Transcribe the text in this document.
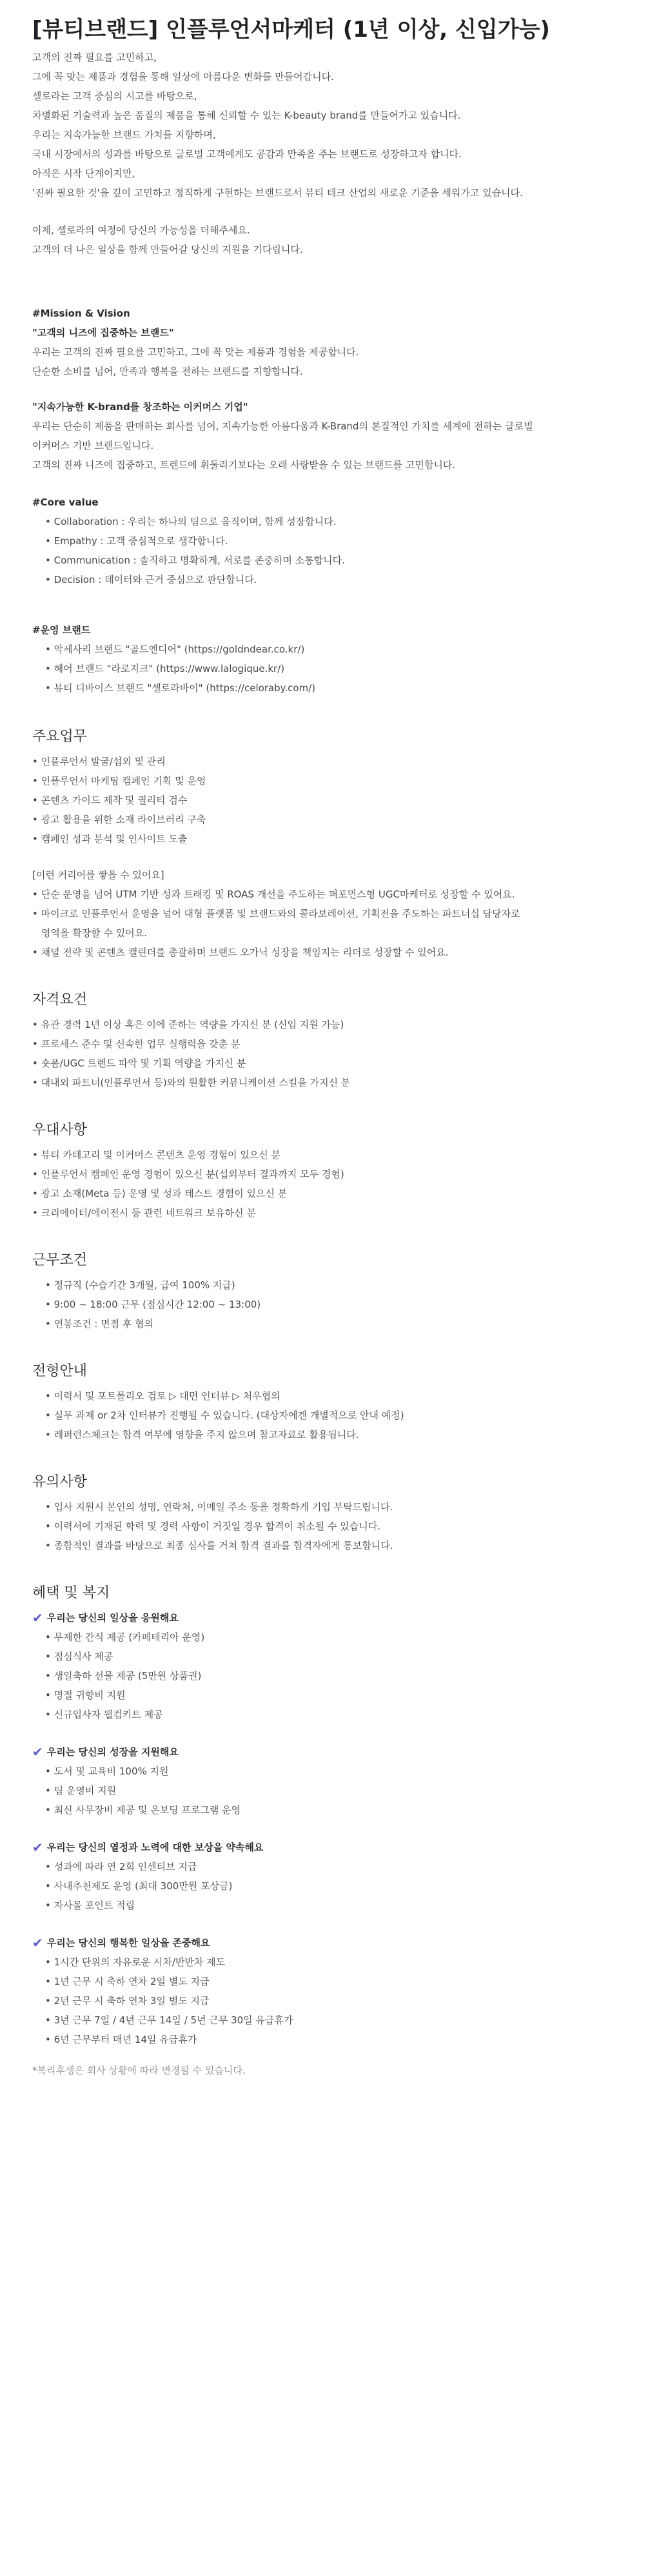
[뷰티브랜드] 인플루언서마케터 (1년 이상, 신입가능)
고객의 진짜 필요를 고민하고,
그에 꼭 맞는 제품과 경험을 통해 일상에 아름다운 변화를 만들어갑니다.
셀로라는 고객 중심의 시고를 바탕으로,
차별화된 기술력과 높은 품질의 제품을 통해 신뢰할 수 있는 K-beauty brand를 만들어가고 있습니다.
우리는 지속가능한 브랜드 가치를 지향하며,
국내 시장에서의 성과를 바탕으로 글로벌 고객에게도 공감과 만족을 주는 브랜드로 성장하고자 합니다.
아직은 시작 단계이지만,
'진짜 필요한 것'을 깊이 고민하고 정직하게 구현하는 브랜드로서 뷰티 테크 산업의 새로운 기준을 세워가고 있습니다.
이제, 셀로라의 여정에 당신의 가능성을 더해주세요.
고객의 더 나은 일상을 함께 만들어갈 당신의 지원을 기다립니다.
#Mission & Vision
"고객의 니즈에 집중하는 브랜드"
우리는 고객의 진짜 필요를 고민하고, 그에 꼭 맞는 제품과 경험을 제공합니다.
단순한 소비를 넘어, 만족과 행복을 전하는 브랜드를 지향합니다.
"지속가능한 K-brand를 창조하는 이커머스 기업"
우리는 단순히 제품을 판매하는 회사를 넘어, 지속가능한 아름다움과 K-Brand의 본질적인 가치를 세계에 전하는 글로벌
이커머스 기반 브랜드입니다.
고객의 진짜 니즈에 집중하고, 트렌드에 휘둘리기보다는 오래 사랑받을 수 있는 브랜드를 고민합니다.
#Core value
• Collaboration : 우리는 하나의 팀으로 움직이며, 함께 성장합니다.
• Empathy : 고객 중심적으로 생각합니다.
• Communication : 솔직하고 명확하게, 서로를 존중하며 소통합니다.
• Decision : 데이터와 근거 중심으로 판단합니다.
#운영 브랜드
• 악세사리 브랜드 "골드엔디어" (https://goldndear.co.kr/)
• 헤어 브랜드 "라로지크" (https://www.lalogique.kr/)
• 뷰티 디바이스 브랜드 "셀로라바이" (https://celoraby.com/)
주요업무
• 인플루언서 발굴/섭외 및 관리
• 인플루언서 마케팅 캠페인 기획 및 운영
• 콘텐츠 가이드 제작 및 퀄리티 검수
• 광고 활용을 위한 소재 라이브러리 구축
• 캠페인 성과 분석 및 인사이트 도출
[이런 커리어를 쌓을 수 있어요]
• 단순 운영을 넘어 UTM 기반 성과 트래킹 및 ROAS 개선을 주도하는 퍼포먼스형 UGC마케터로 성장할 수 있어요.
• 마이크로 인플루언서 운영을 넘어 대형 플랫폼 및 브랜드와의 콜라보레이션, 기획전을 주도하는 파트너십 담당자로
영역을 확장할 수 있어요.
• 채널 전략 및 콘텐츠 캘린더를 총괄하며 브랜드 오가닉 성장을 책임지는 리더로 성장할 수 있어요.
자격요건
• 유관 경력 1년 이상 혹은 이에 준하는 역량을 가지신 분 (신입 지원 가능)
• 프로세스 준수 및 신속한 업무 실행력을 갖춘 분
• 숏폼/UGC 트렌드 파악 및 기획 역량을 가지신 분
• 대내외 파트너(인플루언서 등)와의 원활한 커뮤니케이션 스킬을 가지신 분
우대사항
• 뷰티 카테고리 및 이커머스 콘텐츠 운영 경험이 있으신 분
• 인플루언서 캠페인 운영 경험이 있으신 분(섭외부터 결과까지 모두 경험)
• 광고 소재(Meta 등) 운영 및 성과 테스트 경험이 있으신 분
• 크리에이터/에이전시 등 관련 네트워크 보유하신 분
근무조건
• 정규직 (수습기간 3개월, 급여 100% 지급)
• 9:00 ~ 18:00 근무 (점심시간 12:00 ~ 13:00)
• 연봉조건 : 면접 후 협의
전형안내
• 이력서 및 포트폴리오 검토 ▷ 대면 인터뷰 ▷ 처우협의
• 실무 과제 or 2차 인터뷰가 진행될 수 있습니다. (대상자에겐 개별적으로 안내 예정)
• 레퍼런스체크는 합격 여부에 영향을 주지 않으며 참고자료로 활용됩니다.
유의사항
• 입사 지원시 본인의 성명, 연락처, 이메일 주소 등을 정확하게 기입 부탁드립니다.
• 이력서에 기재된 학력 및 경력 사항이 거짓일 경우 합격이 취소될 수 있습니다.
• 종합적인 결과를 바탕으로 최종 심사를 거쳐 합격 결과를 합격자에게 통보합니다.
혜택 및 복지
✔ 우리는 당신의 일상을 응원해요
• 무제한 간식 제공 (카페테리아 운영)
• 점심식사 제공
• 생일축하 선물 제공 (5만원 상품권)
• 명절 귀향비 지원
• 신규입사자 웰컴키트 제공
✔ 우리는 당신의 성장을 지원해요
• 도서 및 교육비 100% 지원
• 팀 운영비 지원
• 최신 사무장비 제공 및 온보딩 프로그램 운영
✔ 우리는 당신의 열정과 노력에 대한 보상을 약속해요
• 성과에 따라 연 2회 인센티브 지급
• 사내추천제도 운영 (최대 300만원 포상금)
• 자사몰 포인트 적립
✔ 우리는 당신의 행복한 일상을 존중해요
• 1시간 단위의 자유로운 시차/반반차 제도
• 1년 근무 시 축하 연차 2일 별도 지급
• 2년 근무 시 축하 연차 3일 별도 지급
• 3년 근무 7일 / 4년 근무 14일 / 5년 근무 30일 유급휴가
• 6년 근무부터 매년 14일 유급휴가
*복리후생은 회사 상황에 따라 변경될 수 있습니다.
